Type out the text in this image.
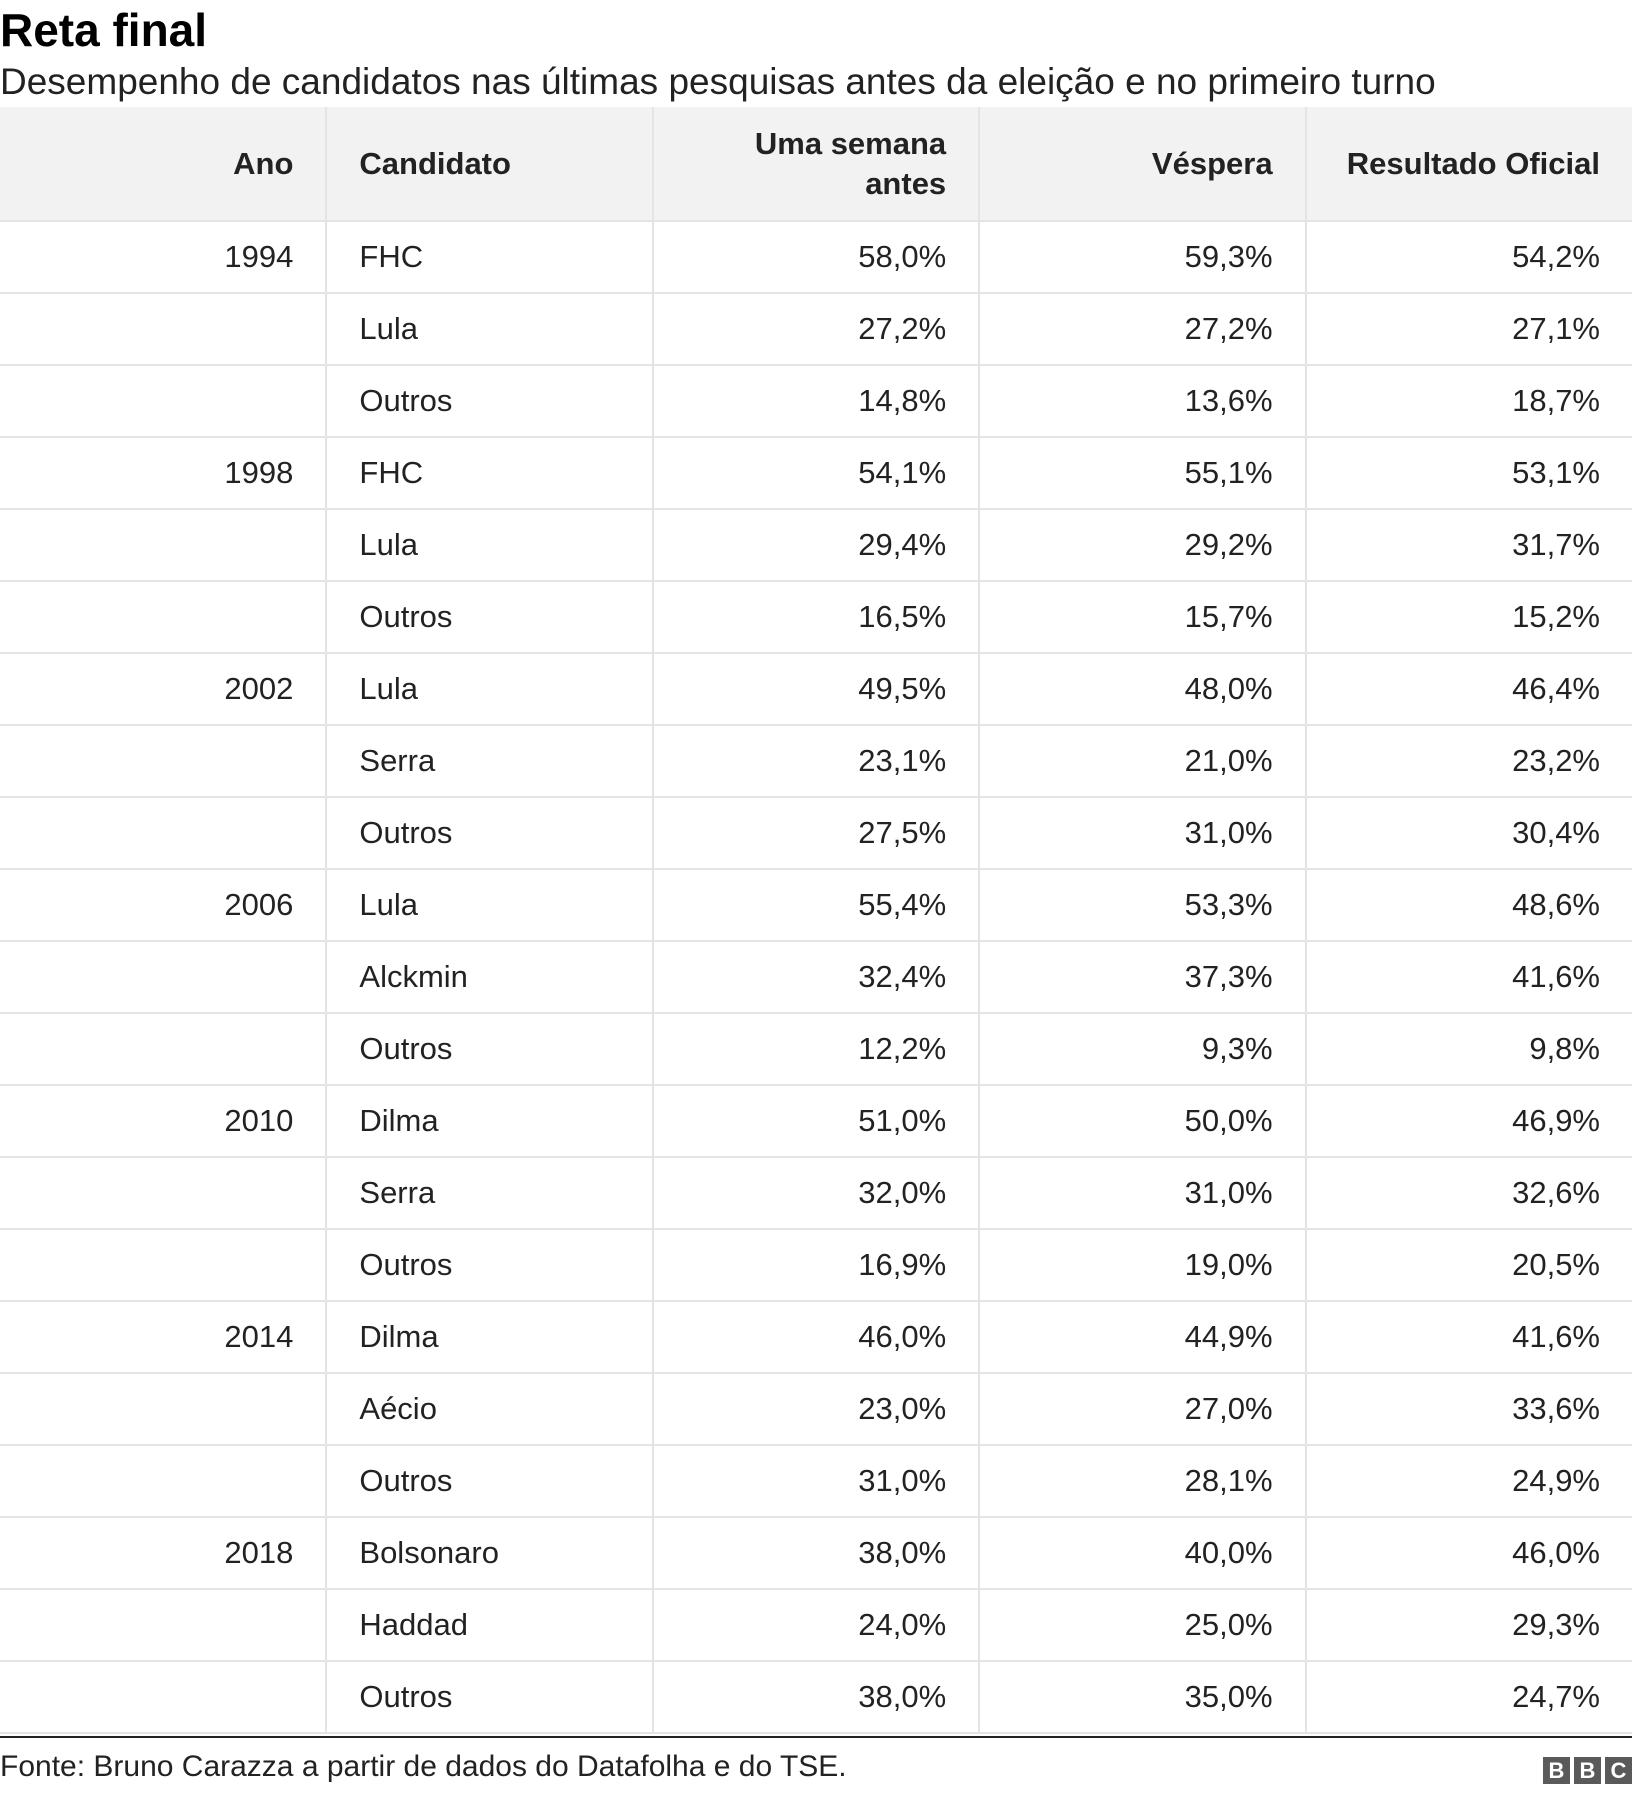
Reta final

Desempenho de candidatos nas últimas pesquisas antes da eleição e no primeiro turno

Ano	Candidato	Uma semana antes	Véspera	Resultado Oficial
1994	FHC	58,0%	59,3%	54,2%
	Lula	27,2%	27,2%	27,1%
	Outros	14,8%	13,6%	18,7%
1998	FHC	54,1%	55,1%	53,1%
	Lula	29,4%	29,2%	31,7%
	Outros	16,5%	15,7%	15,2%
2002	Lula	49,5%	48,0%	46,4%
	Serra	23,1%	21,0%	23,2%
	Outros	27,5%	31,0%	30,4%
2006	Lula	55,4%	53,3%	48,6%
	Alckmin	32,4%	37,3%	41,6%
	Outros	12,2%	9,3%	9,8%
2010	Dilma	51,0%	50,0%	46,9%
	Serra	32,0%	31,0%	32,6%
	Outros	16,9%	19,0%	20,5%
2014	Dilma	46,0%	44,9%	41,6%
	Aécio	23,0%	27,0%	33,6%
	Outros	31,0%	28,1%	24,9%
2018	Bolsonaro	38,0%	40,0%	46,0%
	Haddad	24,0%	25,0%	29,3%
	Outros	38,0%	35,0%	24,7%
Fonte: Bruno Carazza a partir de dados do Datafolha e do TSE.	B B C
